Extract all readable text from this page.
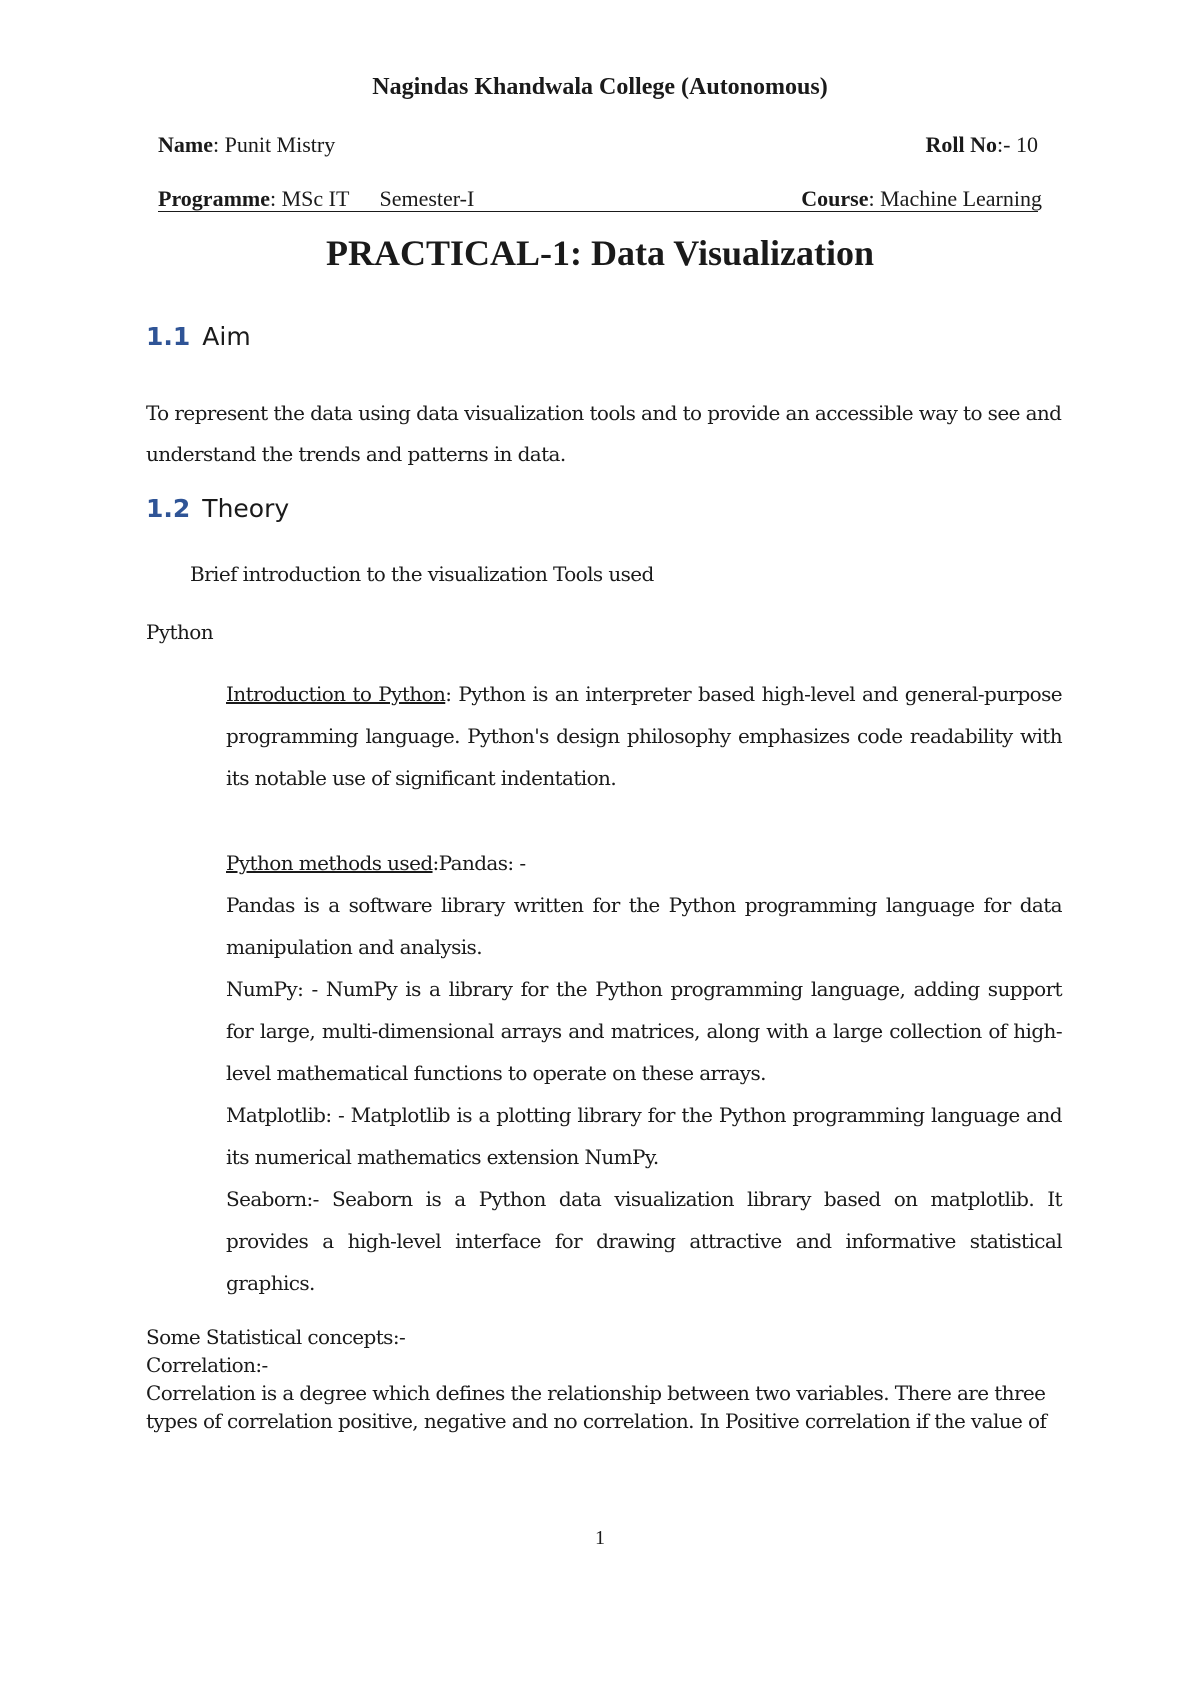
Nagindas Khandwala College (Autonomous)
Name: Punit Mistry	Roll No:- 10
Programme: MSc IT Semester-I	Course: Machine Learning
PRACTICAL-1: Data Visualization
1.1 Aim
To represent the data using data visualization tools and to provide an accessible way to see and understand the trends and patterns in data.
1.2 Theory
Brief introduction to the visualization Tools used
Python
Introduction to Python: Python is an interpreter based high-level and general-purpose programming language. Python's design philosophy emphasizes code readability with its notable use of significant indentation.
Python methods used:Pandas: -
Pandas is a software library written for the Python programming language for data manipulation and analysis.
NumPy: - NumPy is a library for the Python programming language, adding support for large, multi-dimensional arrays and matrices, along with a large collection of high- level mathematical functions to operate on these arrays.
Matplotlib: - Matplotlib is a plotting library for the Python programming language and its numerical mathematics extension NumPy.
Seaborn:- Seaborn is a Python data visualization library based on matplotlib. It provides a high-level interface for drawing attractive and informative statistical graphics.
Some Statistical concepts:-
Correlation:-
Correlation is a degree which defines the relationship between two variables. There are three types of correlation positive, negative and no correlation. In Positive correlation if the value of
1
